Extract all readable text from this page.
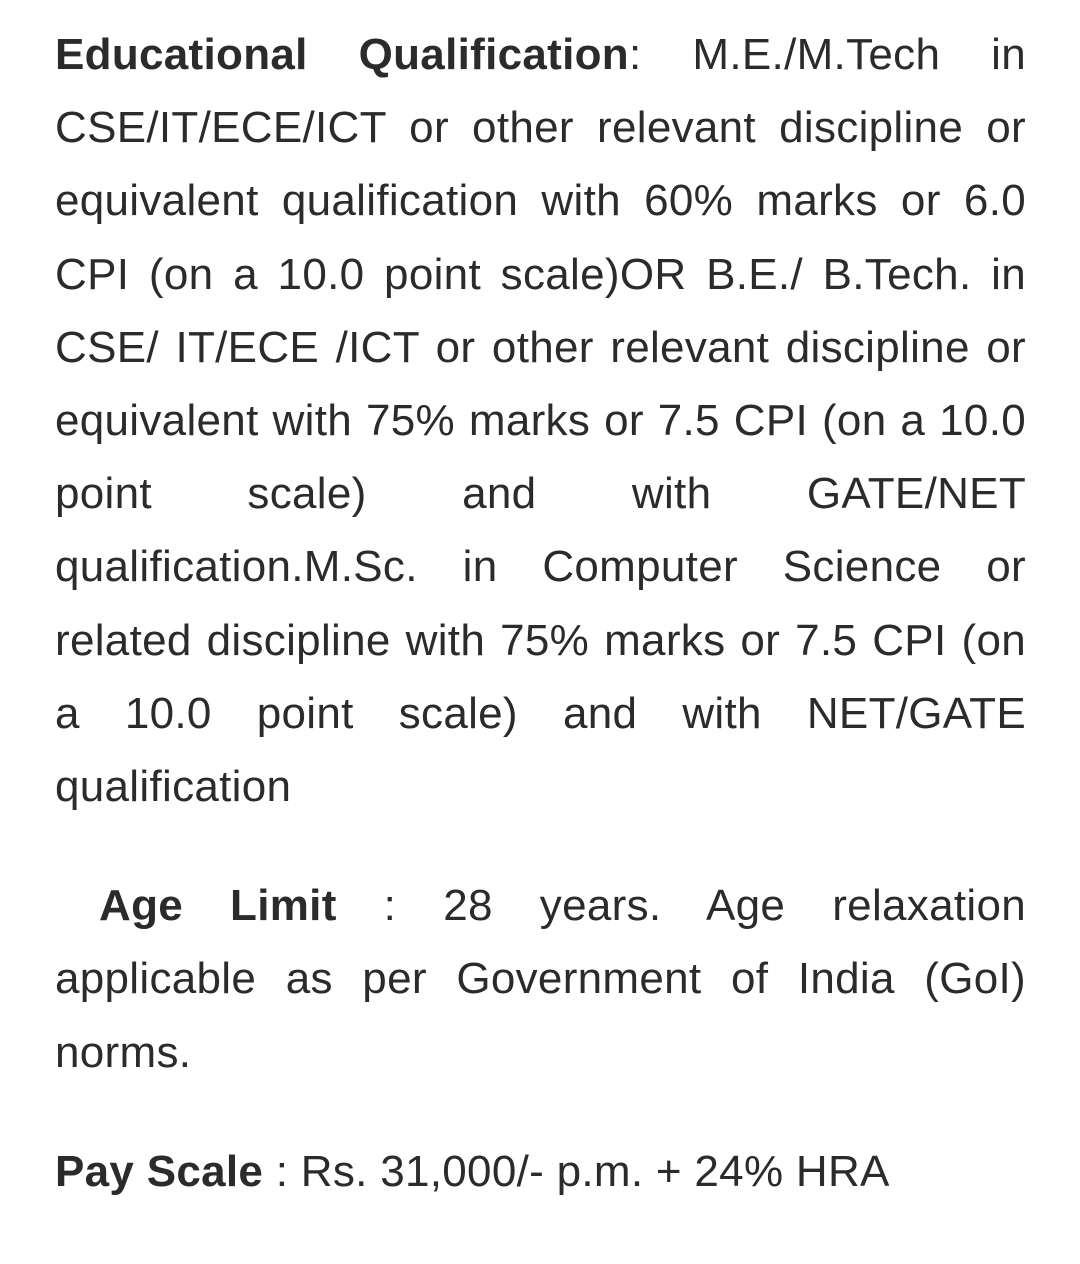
Educational Qualification: M.E./M.Tech in CSE/IT/ECE/ICT or other relevant discipline or equivalent qualification with 60% marks or 6.0 CPI (on a 10.0 point scale)OR B.E./ B.Tech. in CSE/ IT/ECE /ICT or other relevant discipline or equivalent with 75% marks or 7.5 CPI (on a 10.0 point scale) and with GATE/NET qualification.M.Sc. in Computer Science or related discipline with 75% marks or 7.5 CPI (on a 10.0 point scale) and with NET/GATE qualification

Age Limit : 28 years. Age relaxation applicable as per Government of India (GoI) norms.

Pay Scale : Rs. 31,000/- p.m. + 24% HRA
